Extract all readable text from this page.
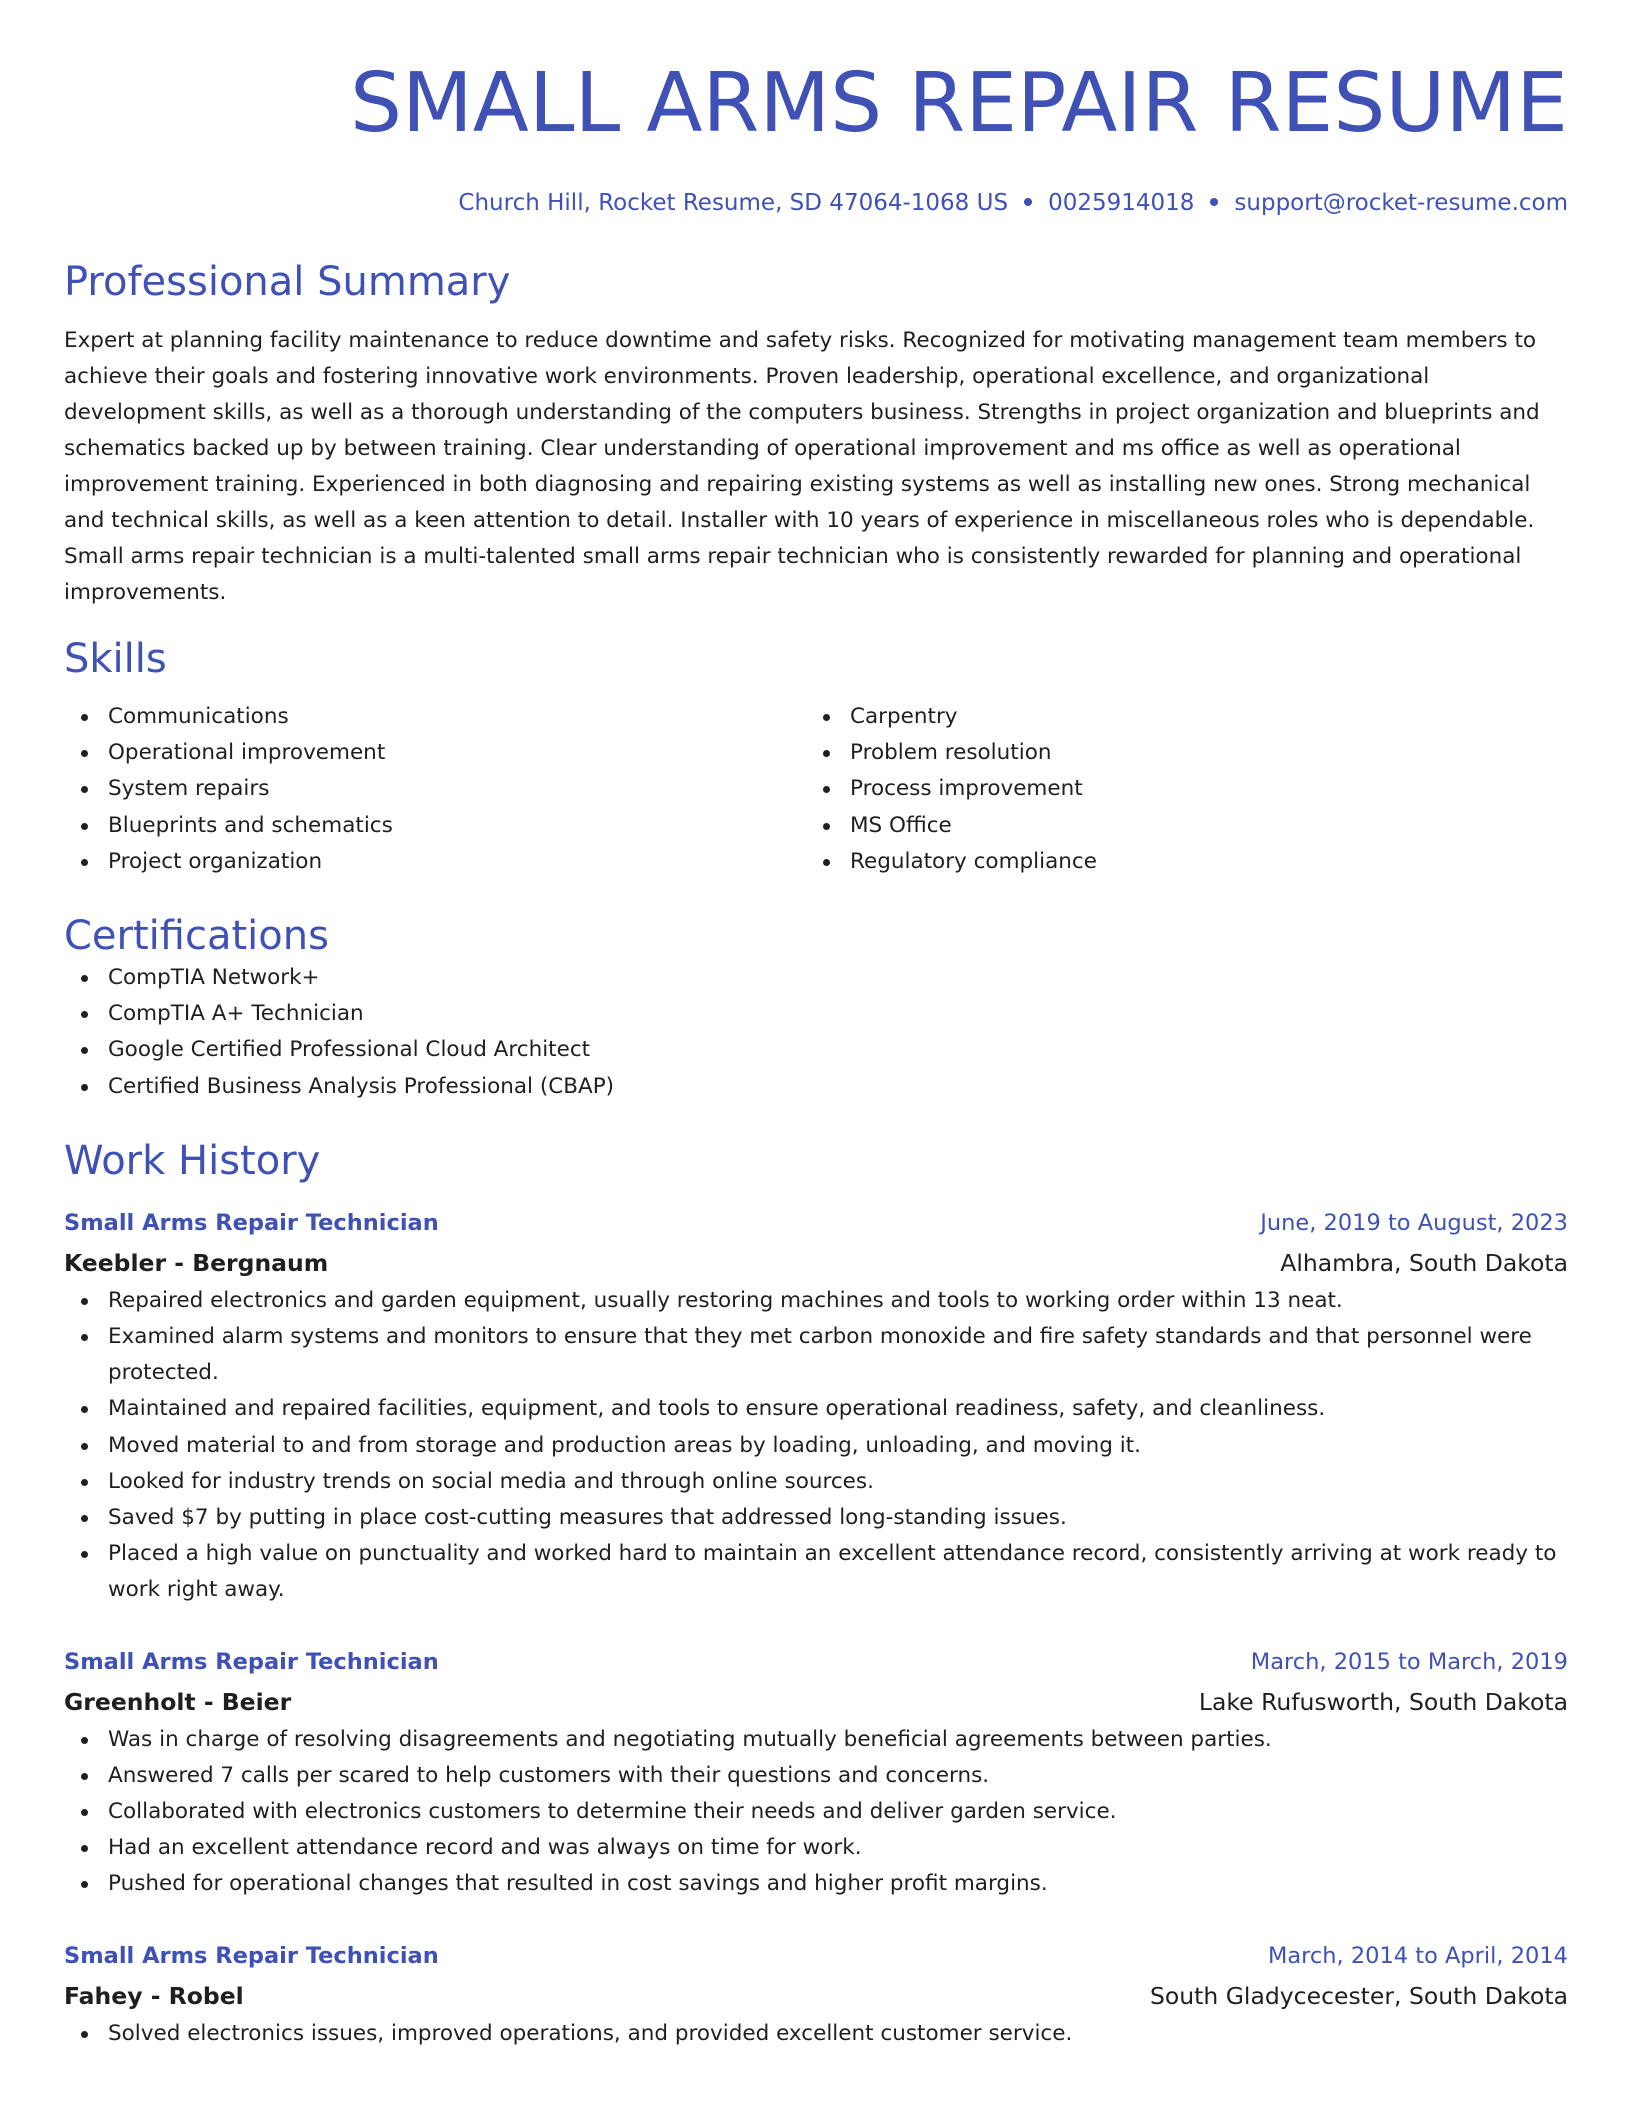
SMALL ARMS REPAIR RESUME
Church Hill, Rocket Resume, SD 47064-1068 US 0025914018 support@rocket-resume.com
Professional Summary
Expert at planning facility maintenance to reduce downtime and safety risks. Recognized for motivating management team members to achieve their goals and fostering innovative work environments. Proven leadership, operational excellence, and organizational development skills, as well as a thorough understanding of the computers business. Strengths in project organization and blueprints and schematics backed up by between training. Clear understanding of operational improvement and ms office as well as operational improvement training. Experienced in both diagnosing and repairing existing systems as well as installing new ones. Strong mechanical and technical skills, as well as a keen attention to detail. Installer with 10 years of experience in miscellaneous roles who is dependable. Small arms repair technician is a multi-talented small arms repair technician who is consistently rewarded for planning and operational improvements.
Skills
Communications
Operational improvement
System repairs
Blueprints and schematics
Project organization
Carpentry
Problem resolution
Process improvement
MS Office
Regulatory compliance
Certifications
CompTIA Network+
CompTIA A+ Technician
Google Certified Professional Cloud Architect
Certified Business Analysis Professional (CBAP)
Work History
Small Arms Repair Technician	June, 2019 to August, 2023
Keebler - Bergnaum	Alhambra, South Dakota
Repaired electronics and garden equipment, usually restoring machines and tools to working order within 13 neat.
Examined alarm systems and monitors to ensure that they met carbon monoxide and fire safety standards and that personnel were protected.
Maintained and repaired facilities, equipment, and tools to ensure operational readiness, safety, and cleanliness.
Moved material to and from storage and production areas by loading, unloading, and moving it.
Looked for industry trends on social media and through online sources.
Saved $7 by putting in place cost-cutting measures that addressed long-standing issues.
Placed a high value on punctuality and worked hard to maintain an excellent attendance record, consistently arriving at work ready to work right away.
Small Arms Repair Technician	March, 2015 to March, 2019
Greenholt - Beier	Lake Rufusworth, South Dakota
Was in charge of resolving disagreements and negotiating mutually beneficial agreements between parties.
Answered 7 calls per scared to help customers with their questions and concerns.
Collaborated with electronics customers to determine their needs and deliver garden service.
Had an excellent attendance record and was always on time for work.
Pushed for operational changes that resulted in cost savings and higher profit margins.
Small Arms Repair Technician	March, 2014 to April, 2014
Fahey - Robel	South Gladycecester, South Dakota
Solved electronics issues, improved operations, and provided excellent customer service.
